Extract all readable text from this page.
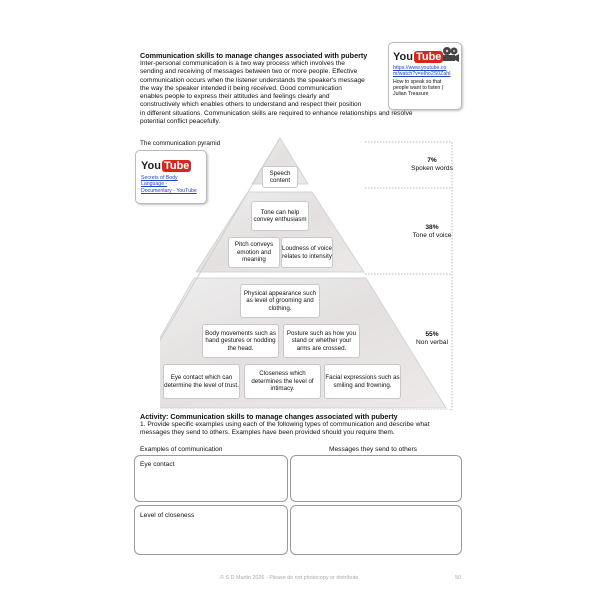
Communication skills to manage changes associated with puberty
Inter-personal communication is a two way process which involves the
sending and receiving of messages between two or more people. Effective
communication occurs when the listener understands the speaker's message
the way the speaker intended it being received. Good communication
enables people to express their attitudes and feelings clearly and
constructively which enables others to understand and respect their position
in different situations. Communication skills are required to enhance relationships and resolve
potential conflict peacefully.
You Tube
https://www.youtube.co
m/watch?v=eIho2S0ZahI
How to speak so that
people want to listen |
Julian Treasure
The communication pyramid
You Tube
Secrets of Body
Language -
Documentary - YouTube
Speech content
Tone can help convey enthusiasm
Pitch conveys emotion and meaning
Loudness of voice relates to intensity
Physical appearance such as level of grooming and clothing.
Body movements such as hand gestures or nodding the head.
Posture such as how you stand or whether your arms are crossed.
Eye contact which can determine the level of trust.
Closeness which determines the level of intimacy.
Facial expressions such as smiling and frowning.
7%
Spoken words
38%
Tone of voice
55%
Non verbal
Activity: Communication skills to manage changes associated with puberty
1. Provide specific examples using each of the following types of communication and describe what
messages they send to others. Examples have been provided should you require them.
Examples of communication	Messages they send to others
Eye contact
Level of closeness
© S D Martin 2026 - Please do not photocopy or distribute	50
